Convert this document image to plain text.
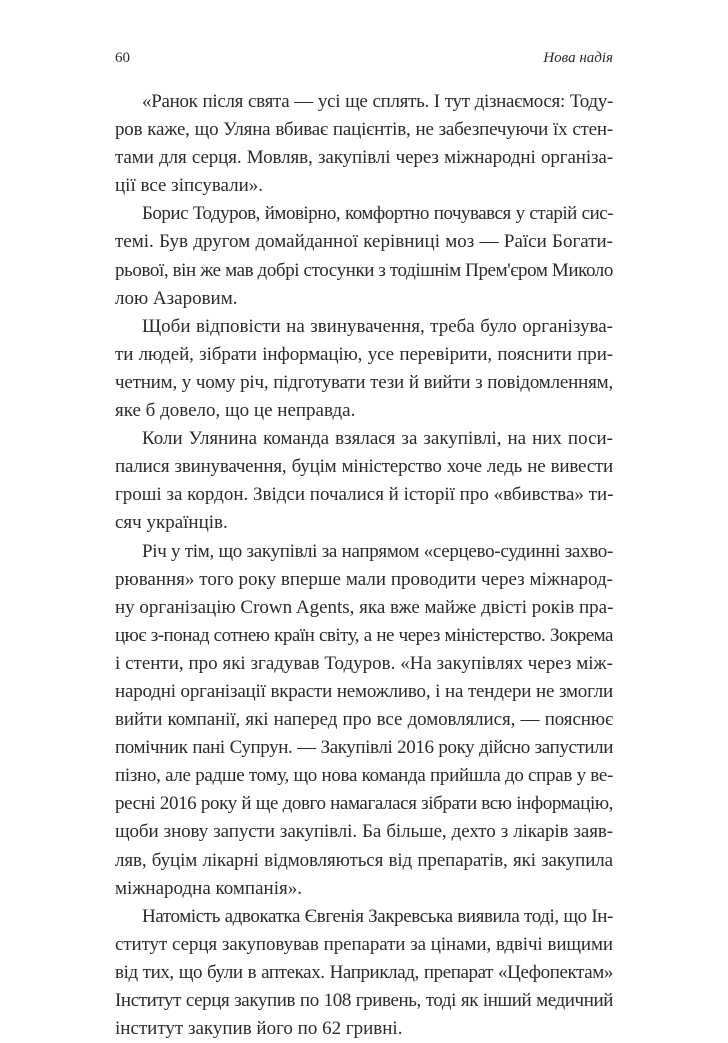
60	Нова надія

«Ранок після свята — усі ще сплять. І тут дізнаємося: Тоду-
ров каже, що Уляна вбиває пацієнтів, не забезпечуючи їх стен-
тами для серця. Мовляв, закупівлі через міжнародні організа-
ції все зіпсували».

Борис Тодуров, ймовірно, комфортно почувався у старій сис-
темі. Був другом домайданної керівниці моз — Раїси Богати-
рьової, він же мав добрі стосунки з тодішнім Прем'єром Миколо
лою Азаровим.

Щоби відповісти на звинувачення, треба було організува-
ти людей, зібрати інформацію, усе перевірити, пояснити при-
четним, у чому річ, підготувати тези й вийти з повідомленням,
яке б довело, що це неправда.

Коли Улянина команда взялася за закупівлі, на них поси-
палися звинувачення, буцім міністерство хоче ледь не вивести
гроші за кордон. Звідси почалися й історії про «вбивства» ти-
сяч українців.

Річ у тім, що закупівлі за напрямом «серцево-судинні захво-
рювання» того року вперше мали проводити через міжнарод-
ну організацію Crown Agents, яка вже майже двісті років пра-
цює з-понад сотнею країн світу, а не через міністерство. Зокрема
і стенти, про які згадував Тодуров. «На закупівлях через між-
народні організації вкрасти неможливо, і на тендери не змогли
вийти компанії, які наперед про все домовлялися, — пояснює
помічник пані Супрун. — Закупівлі 2016 року дійсно запустили
пізно, але радше тому, що нова команда прийшла до справ у ве-
ресні 2016 року й ще довго намагалася зібрати всю інформацію,
щоби знову запусти закупівлі. Ба більше, дехто з лікарів заяв-
ляв, буцім лікарні відмовляються від препаратів, які закупила
міжнародна компанія».

Натомість адвокатка Євгенія Закревська виявила тоді, що Ін-
ститут серця закуповував препарати за цінами, вдвічі вищими
від тих, що були в аптеках. Наприклад, препарат «Цефопектам»
Інститут серця закупив по 108 гривень, тоді як інший медичний
інститут закупив його по 62 гривні.
